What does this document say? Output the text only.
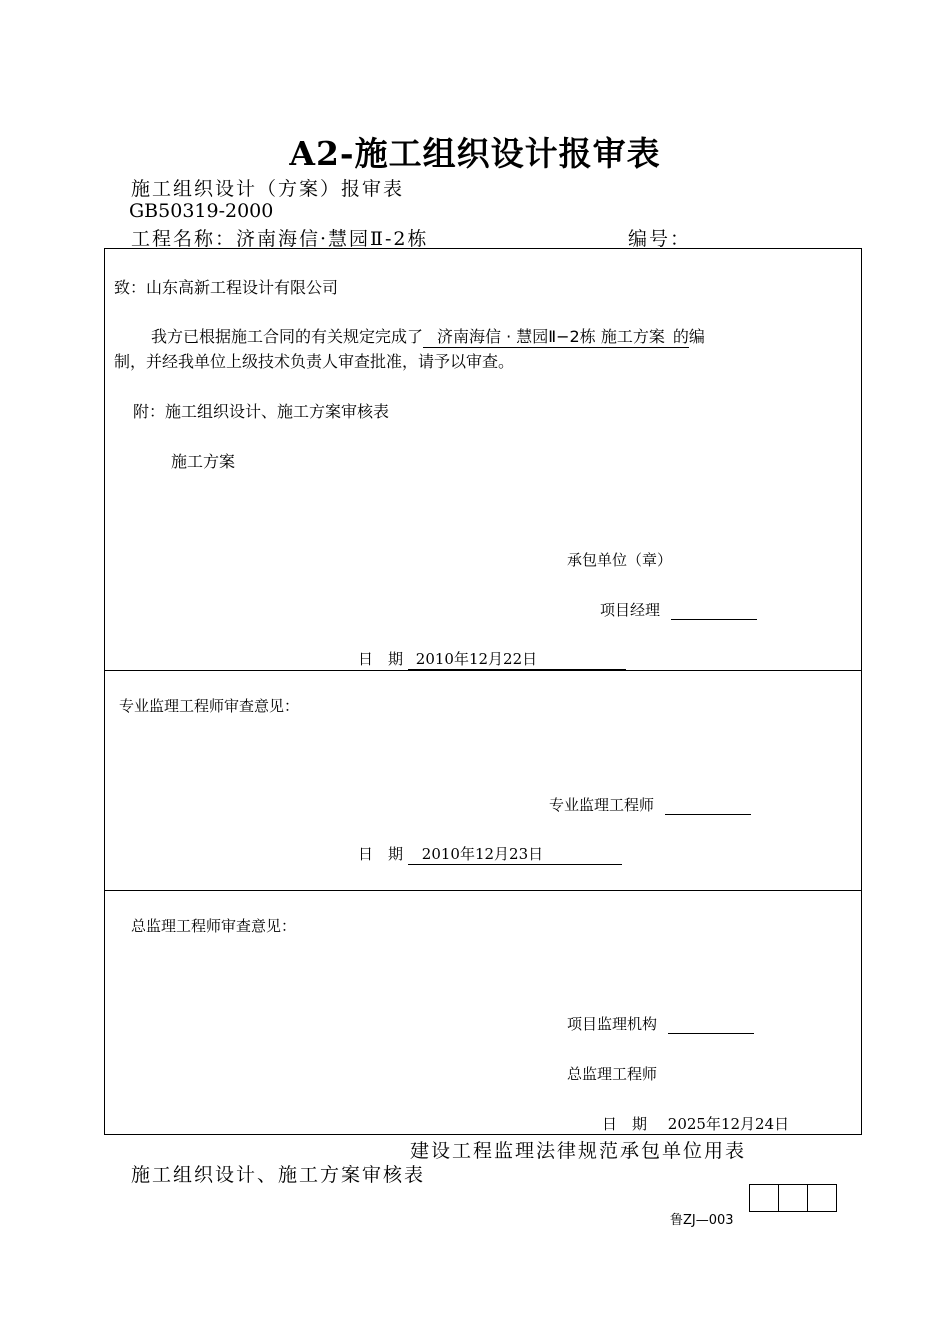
A2-施工组织设计报审表
施工组织设计（方案）报审表
GB50319-2000
工程名称：济南海信·慧园Ⅱ-2栋	编号：
致：山东高新工程设计有限公司
我方已根据施工合同的有关规定完成了 济南海信 · 慧园Ⅱ−2栋 施工方案 的编
制，并经我单位上级技术负责人审查批准，请予以审查。
附：施工组织设计、施工方案审核表
施工方案
承包单位（章）
项目经理
日　期 2010年12月22日
专业监理工程师审查意见：
专业监理工程师
日　期 2010年12月23日
总监理工程师审查意见：
项目监理机构
总监理工程师
日　期 2025年12月24日
建设工程监理法律规范承包单位用表
施工组织设计、施工方案审核表
鲁ZJ—003
